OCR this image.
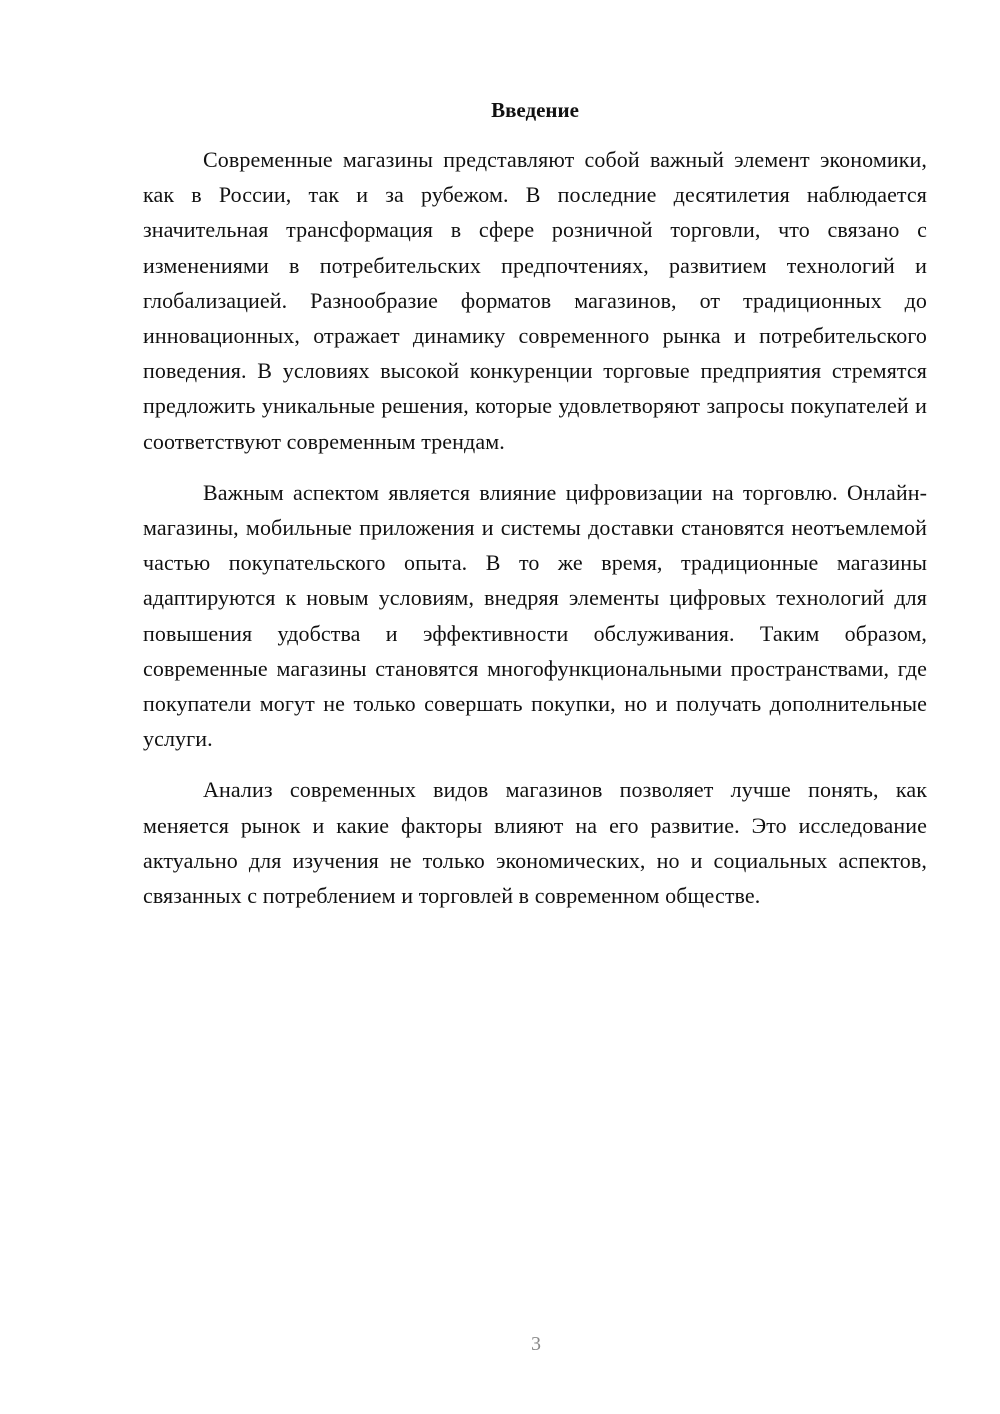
Введение

Современные магазины представляют собой важный элемент экономики, как в России, так и за рубежом. В последние десятилетия наблюдается значительная трансформация в сфере розничной торговли, что связано с изменениями в потребительских предпочтениях, развитием технологий и глобализацией. Разнообразие форматов магазинов, от традиционных до инновационных, отражает динамику современного рынка и потребительского поведения. В условиях высокой конкуренции торговые предприятия стремятся предложить уникальные решения, которые удовлетворяют запросы покупателей и соответствуют современным трендам.

Важным аспектом является влияние цифровизации на торговлю. Онлайн-магазины, мобильные приложения и системы доставки становятся неотъемлемой частью покупательского опыта. В то же время, традиционные магазины адаптируются к новым условиям, внедряя элементы цифровых технологий для повышения удобства и эффективности обслуживания. Таким образом, современные магазины становятся многофункциональными пространствами, где покупатели могут не только совершать покупки, но и получать дополнительные услуги.

Анализ современных видов магазинов позволяет лучше понять, как меняется рынок и какие факторы влияют на его развитие. Это исследование актуально для изучения не только экономических, но и социальных аспектов, связанных с потреблением и торговлей в современном обществе.

3
